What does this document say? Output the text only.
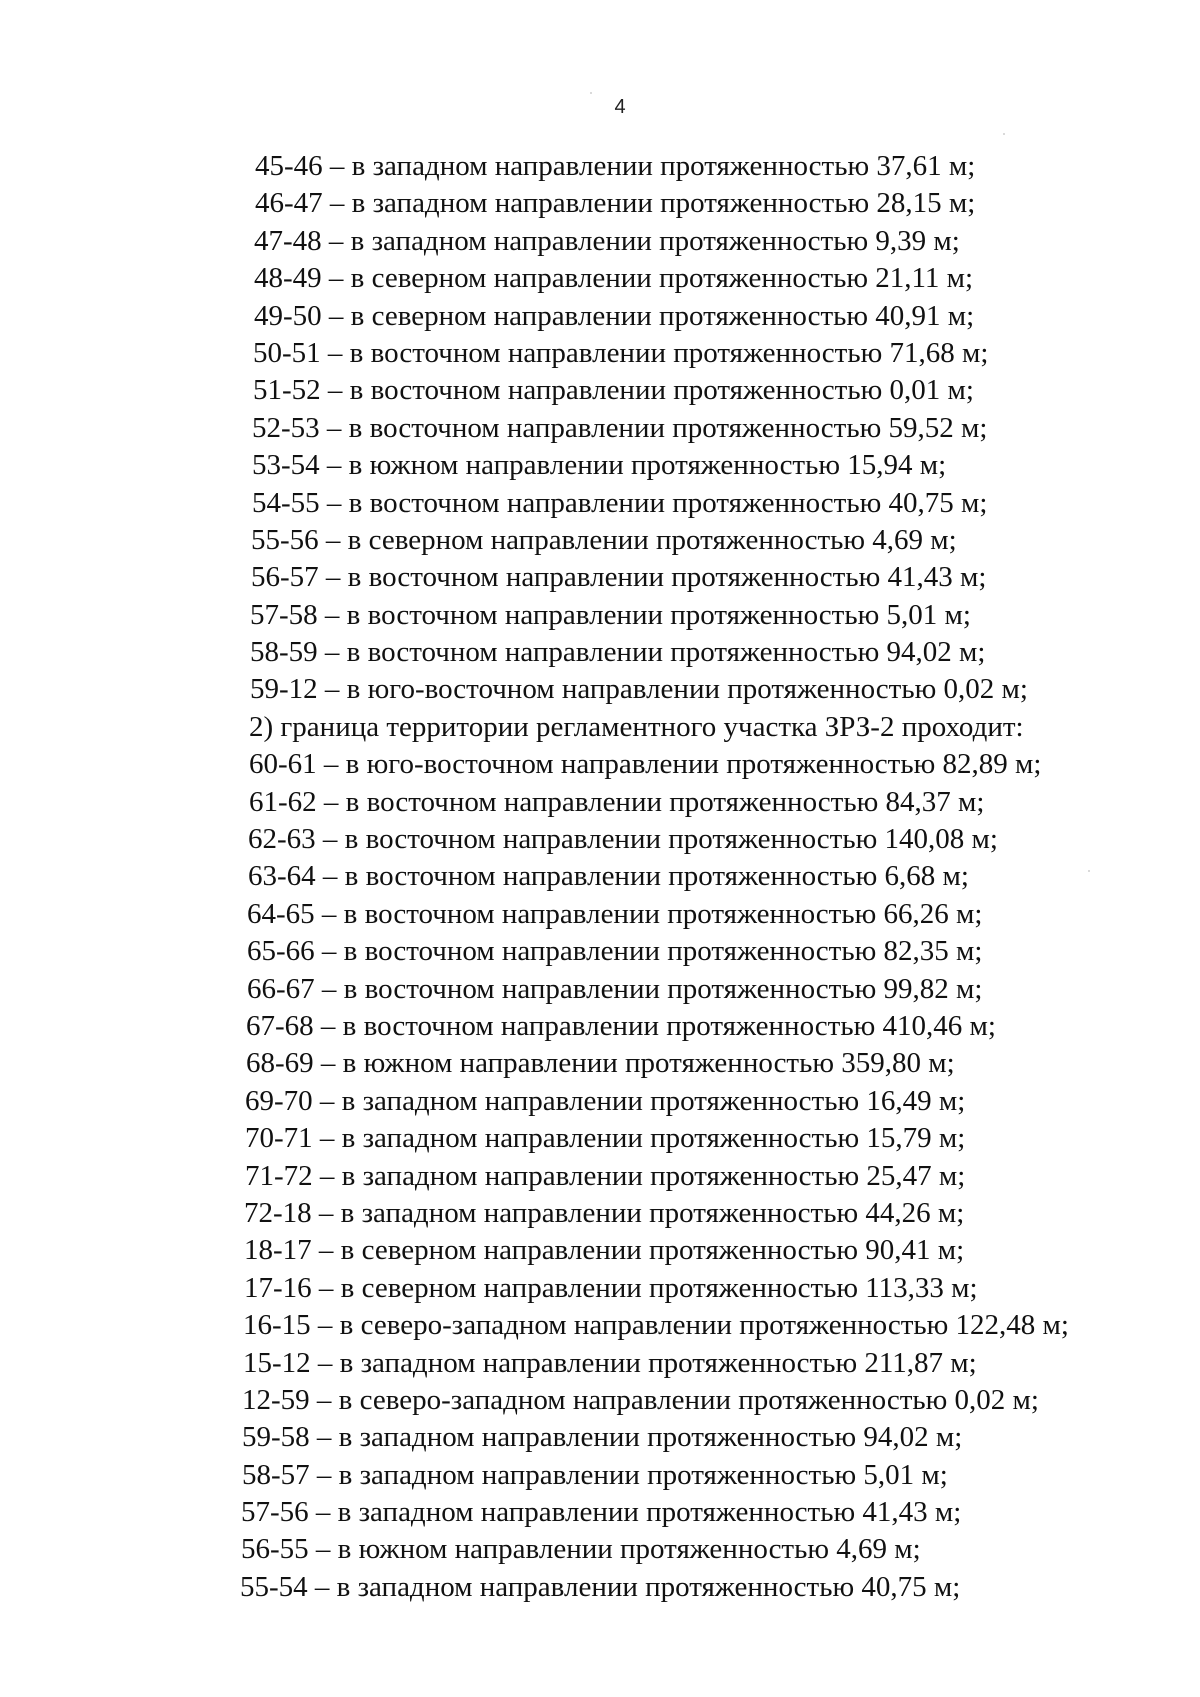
4
45-46 – в западном направлении протяженностью 37,61 м;
46-47 – в западном направлении протяженностью 28,15 м;
47-48 – в западном направлении протяженностью 9,39 м;
48-49 – в северном направлении протяженностью 21,11 м;
49-50 – в северном направлении протяженностью 40,91 м;
50-51 – в восточном направлении протяженностью 71,68 м;
51-52 – в восточном направлении протяженностью 0,01 м;
52-53 – в восточном направлении протяженностью 59,52 м;
53-54 – в южном направлении протяженностью 15,94 м;
54-55 – в восточном направлении протяженностью 40,75 м;
55-56 – в северном направлении протяженностью 4,69 м;
56-57 – в восточном направлении протяженностью 41,43 м;
57-58 – в восточном направлении протяженностью 5,01 м;
58-59 – в восточном направлении протяженностью 94,02 м;
59-12 – в юго-восточном направлении протяженностью 0,02 м;
2) граница территории регламентного участка ЗРЗ-2 проходит:
60-61 – в юго-восточном направлении протяженностью 82,89 м;
61-62 – в восточном направлении протяженностью 84,37 м;
62-63 – в восточном направлении протяженностью 140,08 м;
63-64 – в восточном направлении протяженностью 6,68 м;
64-65 – в восточном направлении протяженностью 66,26 м;
65-66 – в восточном направлении протяженностью 82,35 м;
66-67 – в восточном направлении протяженностью 99,82 м;
67-68 – в восточном направлении протяженностью 410,46 м;
68-69 – в южном направлении протяженностью 359,80 м;
69-70 – в западном направлении протяженностью 16,49 м;
70-71 – в западном направлении протяженностью 15,79 м;
71-72 – в западном направлении протяженностью 25,47 м;
72-18 – в западном направлении протяженностью 44,26 м;
18-17 – в северном направлении протяженностью 90,41 м;
17-16 – в северном направлении протяженностью 113,33 м;
16-15 – в северо-западном направлении протяженностью 122,48 м;
15-12 – в западном направлении протяженностью 211,87 м;
12-59 – в северо-западном направлении протяженностью 0,02 м;
59-58 – в западном направлении протяженностью 94,02 м;
58-57 – в западном направлении протяженностью 5,01 м;
57-56 – в западном направлении протяженностью 41,43 м;
56-55 – в южном направлении протяженностью 4,69 м;
55-54 – в западном направлении протяженностью 40,75 м;
